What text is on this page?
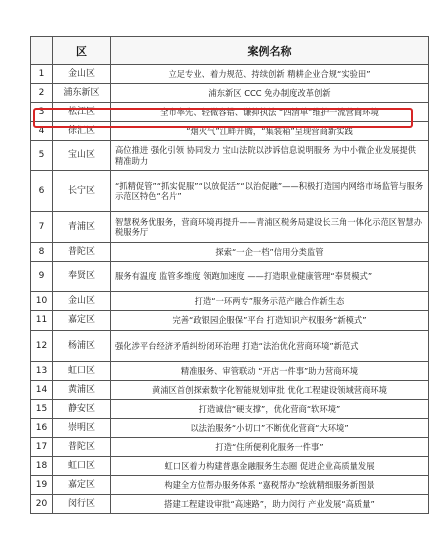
	区	案例名称
1	金山区	立足专业、着力规范、持续创新 精耕企业合规“实验田”
2	浦东新区	浦东新区 CCC 免办制度改革创新
3	松江区	全市率先、轻微容错、谦抑执法 “四清单”维护一流营商环境
4	徐汇区	“烟火气”江畔升腾，“集装箱”呈现营商新实践
5	宝山区	高位推进 强化引领 协同发力 宝山法院以涉诉信息说明服务 为中小微企业发展提供精准助力
6	长宁区	“抓精促管”“抓实促服”“以放促活”“以治促融”——积极打造国内网络市场监管与服务示范区特色“名片”
7	青浦区	智慧税务优服务，营商环境再提升——青浦区税务局建设长三角一体化示范区智慧办税服务厅
8	普陀区	探索“一企一档”信用分类监管
9	奉贤区	服务有温度 监管多维度 领跑加速度 ——打造职业健康管理“奉贤模式”
10	金山区	打造“一环两专”服务示范产融合作新生态
11	嘉定区	完善“政银园企服保”平台 打造知识产权服务“新模式”
12	杨浦区	强化涉平台经济矛盾纠纷闭环治理 打造“法治优化营商环境”新范式
13	虹口区	精准服务、审管联动 “开店一件事”助力营商环境
14	黄浦区	黄浦区首创探索数字化智能规划审批 优化工程建设领域营商环境
15	静安区	打造诚信“硬支撑”，优化营商“软环境”
16	崇明区	以法治服务“小切口”不断优化营商“大环境”
17	普陀区	打造“住所便利化服务一件事”
18	虹口区	虹口区着力构建普惠金融服务生态圈 促进企业高质量发展
19	嘉定区	构建全方位帮办服务体系 “嘉税帮办”绘就精细服务新图景
20	闵行区	搭建工程建设审批“高速路”，助力闵行 产业发展“高质量”
